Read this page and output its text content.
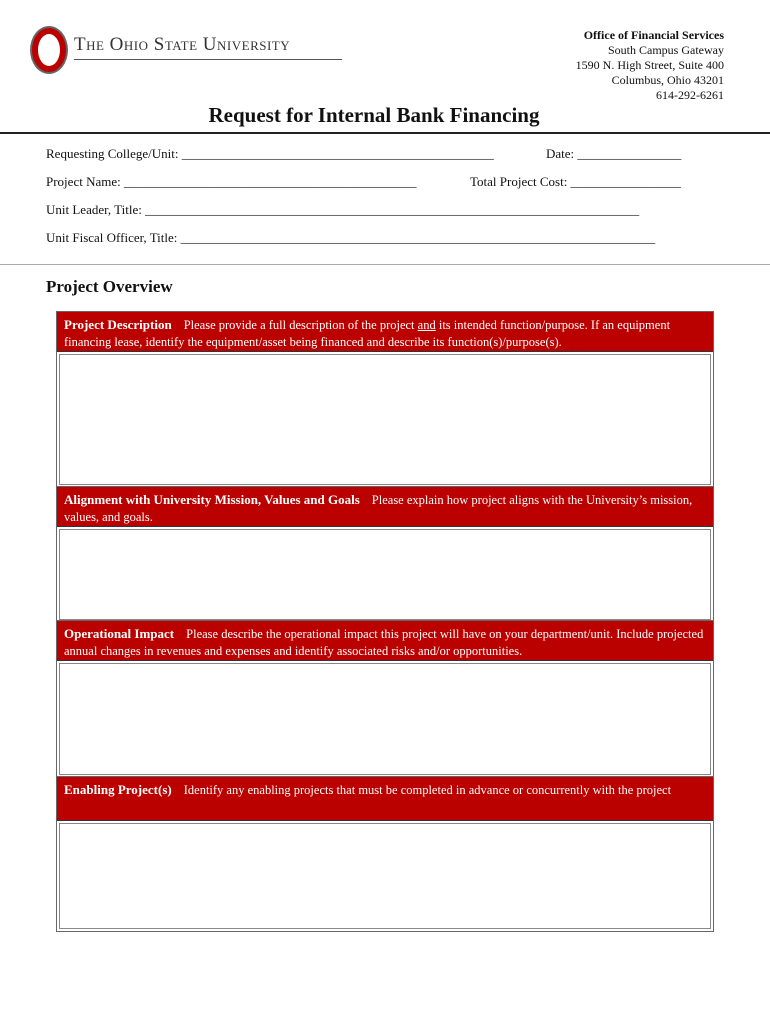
The Ohio State University	Office of Financial Services
South Campus Gateway
1590 N. High Street, Suite 400
Columbus, Ohio 43201
614-292-6261
Request for Internal Bank Financing
Requesting College/Unit: ________________________________________________	Date: ________________
Project Name: _____________________________________________	Total Project Cost: _________________
Unit Leader, Title: ____________________________________________________________________________
Unit Fiscal Officer, Title: _________________________________________________________________________
Project Overview
Project Description Please provide a full description of the project and its intended function/purpose. If an equipment financing lease, identify the equipment/asset being financed and describe its function(s)/purpose(s).
Alignment with University Mission, Values and Goals Please explain how project aligns with the University’s mission, values, and goals.
Operational Impact Please describe the operational impact this project will have on your department/unit. Include projected annual changes in revenues and expenses and identify associated risks and/or opportunities.
Enabling Project(s) Identify any enabling projects that must be completed in advance or concurrently with the project
